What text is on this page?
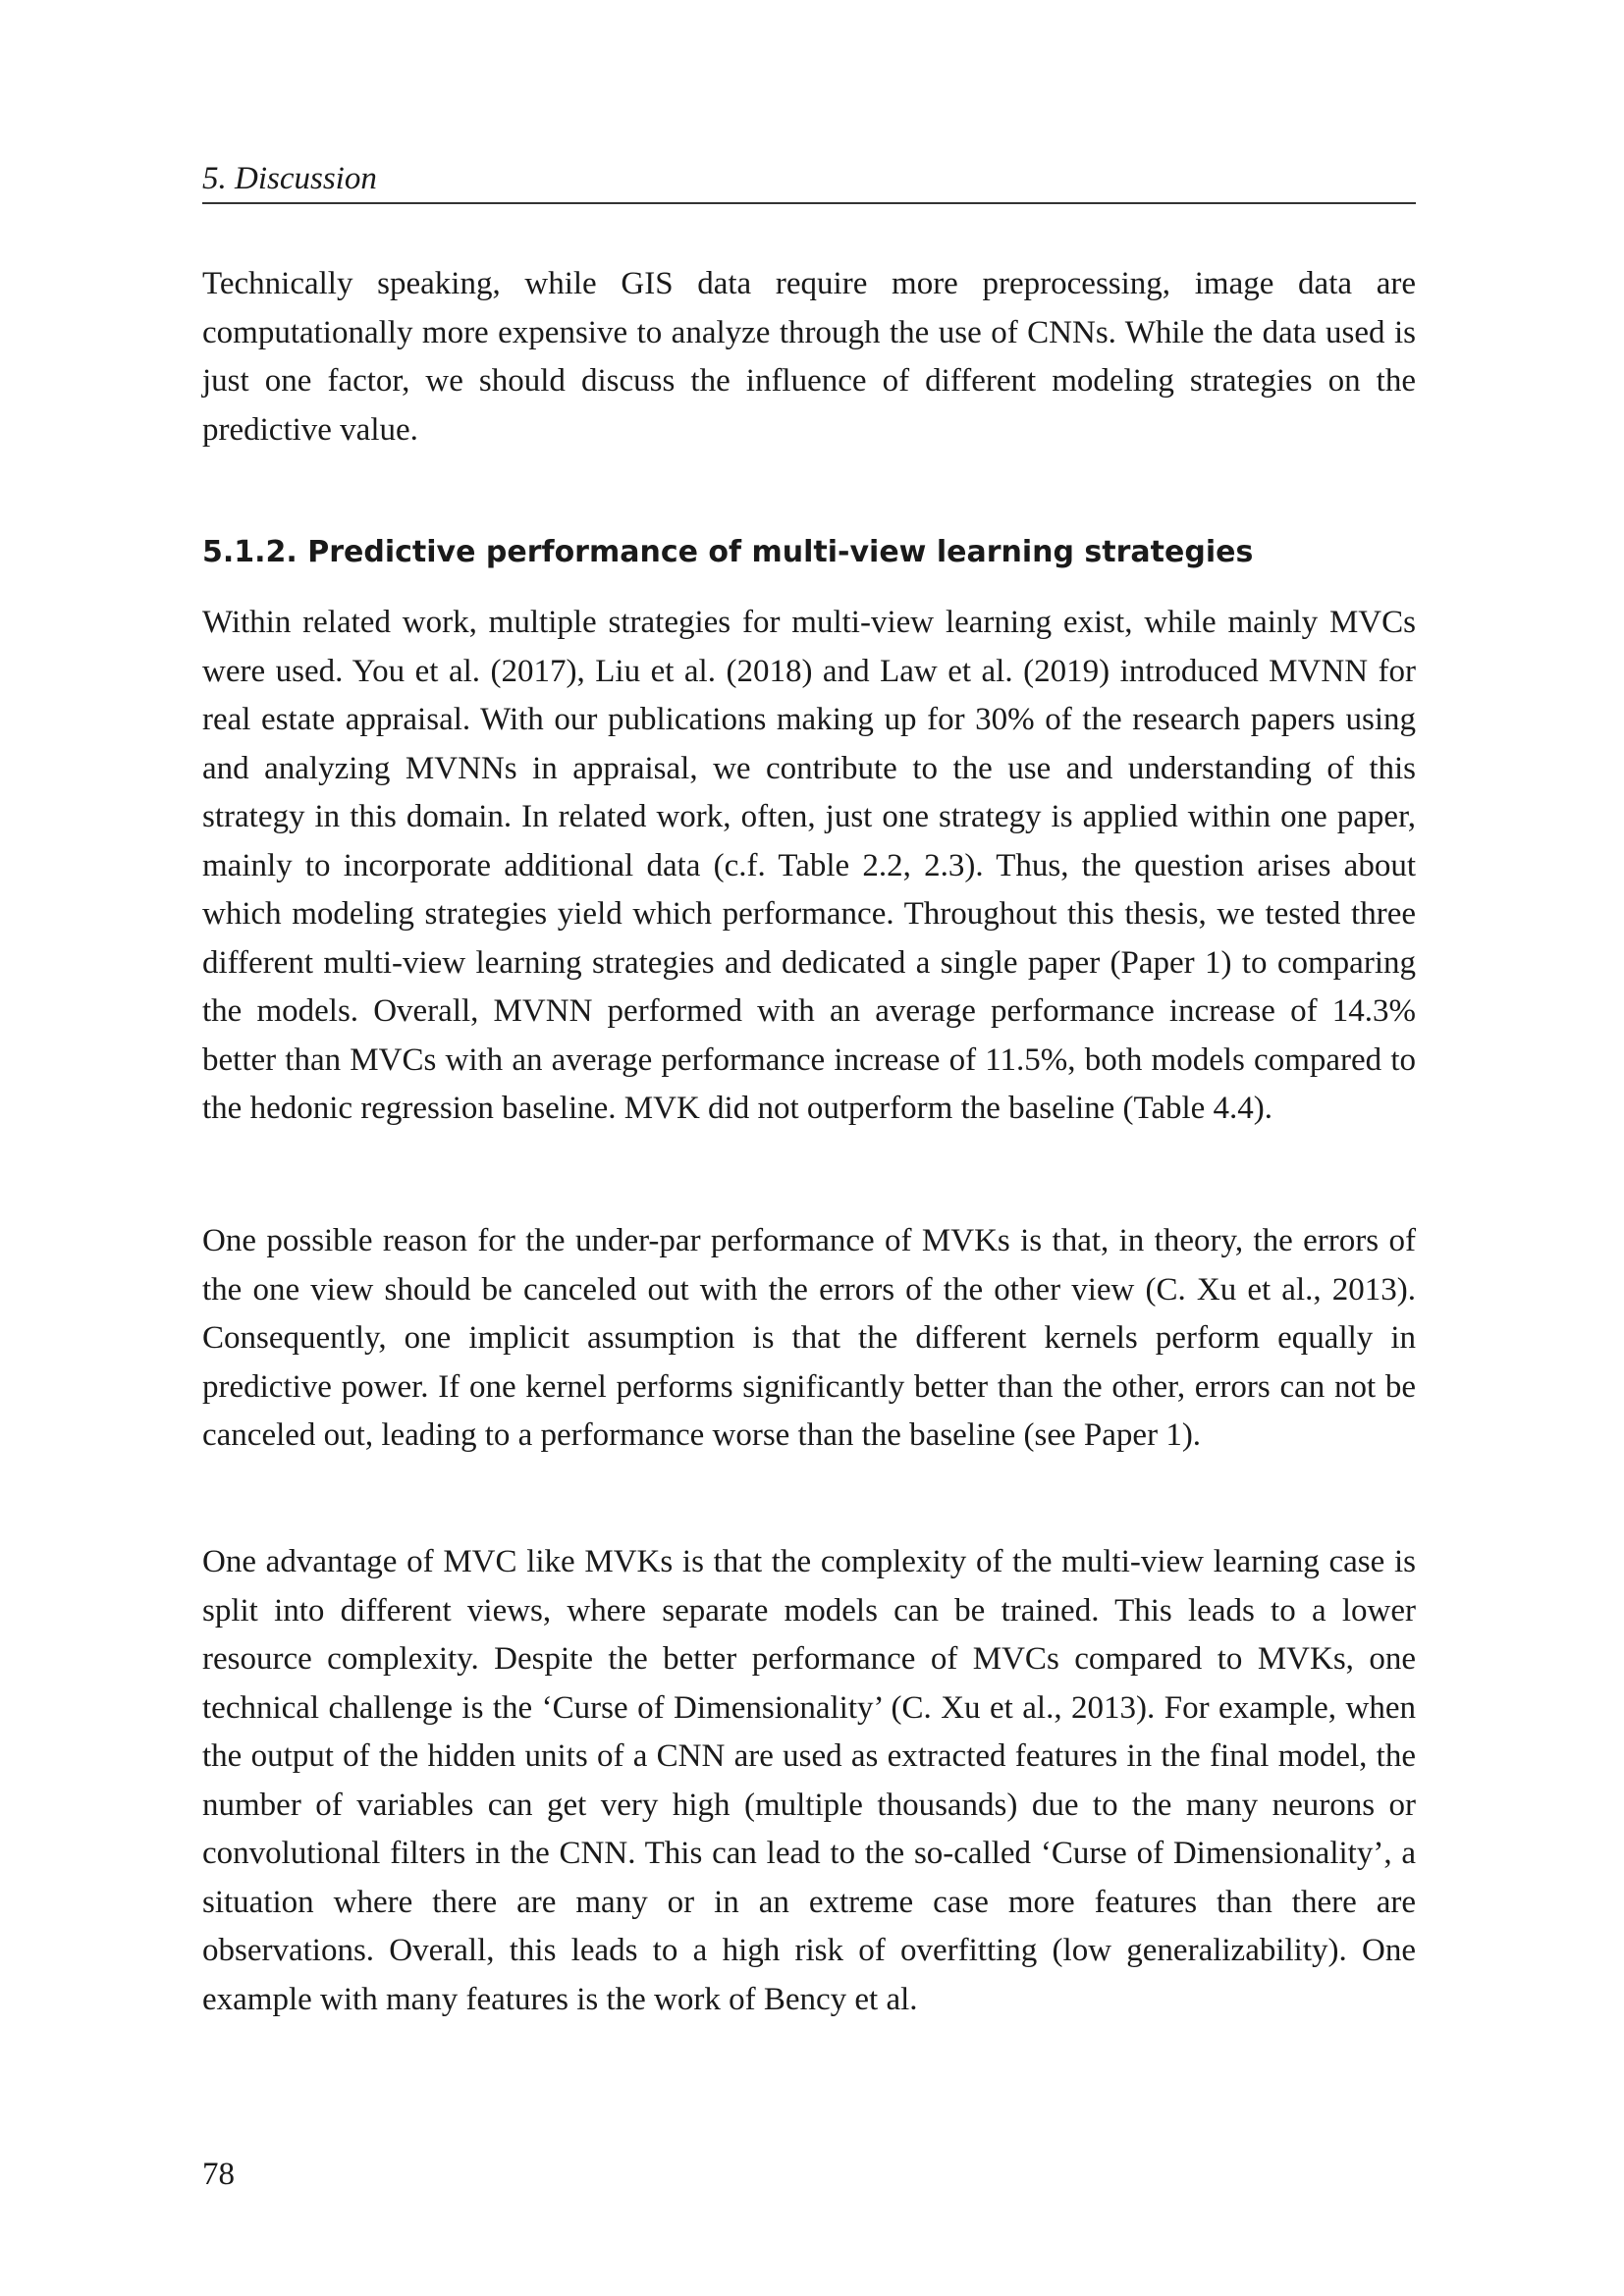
5. Discussion

Technically speaking, while GIS data require more preprocessing, image data are computationally more expensive to analyze through the use of CNNs. While the data used is just one factor, we should discuss the influence of different modeling strategies on the predictive value.

5.1.2. Predictive performance of multi-view learning strategies

Within related work, multiple strategies for multi-view learning exist, while mainly MVCs were used. You et al. (2017), Liu et al. (2018) and Law et al. (2019) introduced MVNN for real estate appraisal. With our publications making up for 30% of the research papers using and analyzing MVNNs in appraisal, we contribute to the use and understanding of this strategy in this domain. In related work, often, just one strategy is applied within one paper, mainly to incorporate additional data (c.f. Table 2.2, 2.3). Thus, the question arises about which modeling strategies yield which performance. Throughout this thesis, we tested three different multi-view learning strategies and dedicated a single paper (Paper 1) to comparing the models. Overall, MVNN performed with an average performance increase of 14.3% better than MVCs with an average performance increase of 11.5%, both models compared to the hedonic regression baseline. MVK did not outperform the baseline (Table 4.4).

One possible reason for the under-par performance of MVKs is that, in theory, the errors of the one view should be canceled out with the errors of the other view (C. Xu et al., 2013). Consequently, one implicit assumption is that the different kernels perform equally in predictive power. If one kernel performs significantly better than the other, errors can not be canceled out, leading to a performance worse than the baseline (see Paper 1).

One advantage of MVC like MVKs is that the complexity of the multi-view learning case is split into different views, where separate models can be trained. This leads to a lower resource complexity. Despite the better performance of MVCs compared to MVKs, one technical challenge is the ‘Curse of Dimensionality’ (C. Xu et al., 2013). For example, when the output of the hidden units of a CNN are used as extracted features in the final model, the number of variables can get very high (multiple thousands) due to the many neurons or convolutional filters in the CNN. This can lead to the so-called ‘Curse of Dimensionality’, a situation where there are many or in an extreme case more features than there are observations. Overall, this leads to a high risk of overfitting (low generalizability). One example with many features is the work of Bency et al.

78
